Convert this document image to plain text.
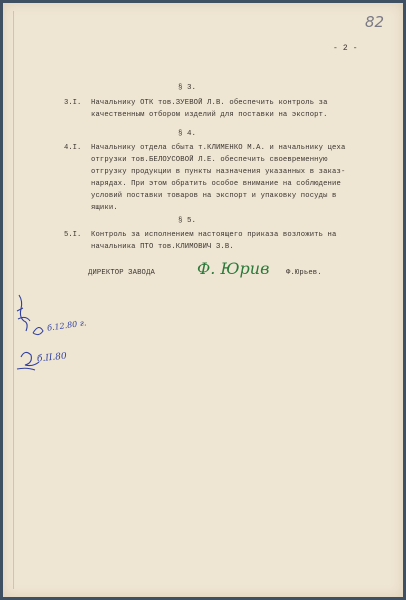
82
- 2 -
§ 3.
3.I. Начальнику ОТК тов.ЗУЕВОЙ Л.В. обеспечить контроль за
качественным отбором изделий для поставки на экспорт.
§ 4.
4.I. Начальнику отдела сбыта т.КЛИМЕНКО М.А. и начальнику цеха
отгрузки тов.БЕЛОУСОВОЙ Л.Е. обеспечить своевременную
отгрузку продукции в пункты назначения указанных в заказ-
нарядах. При этом обратить особое внимание на соблюдение
условий поставки товаров на экспорт и упаковку посуды в
ящики.
§ 5.
5.I. Контроль за исполнением настоящего приказа возложить на
начальника ПТО тов.КЛИМОВИЧ З.В.
ДИРЕКТОР ЗАВОДА	Ф. Юрив Ф.Юрьев.
б.12.80 г.
б.II.80
